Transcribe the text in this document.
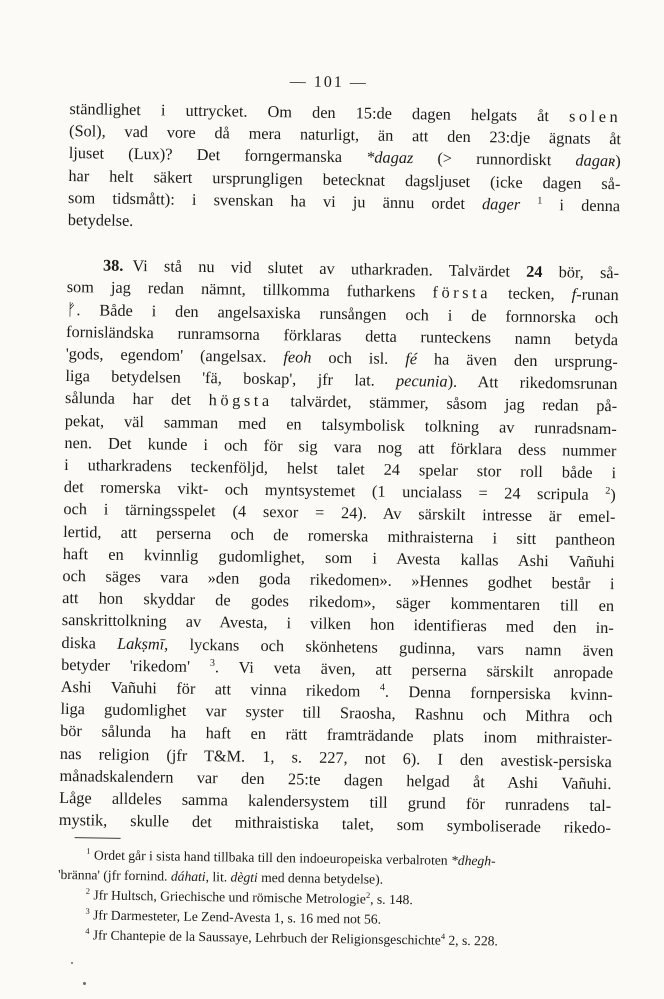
— 101 —
ständlighet i uttrycket. Om den 15:de dagen helgats åt solen
(Sol), vad vore då mera naturligt, än att den 23:dje ägnats åt
ljuset (Lux)? Det forngermanska *dagaz (> runnordiskt dagaʀ)
har helt säkert ursprungligen betecknat dagsljuset (icke dagen så-
som tidsmått): i svenskan ha vi ju ännu ordet dager $^1$ i denna
betydelse.
38. Vi stå nu vid slutet av utharkraden. Talvärdet 24 bör, så-
som jag redan nämnt, tillkomma futharkens första tecken, f-runan
ᚠ. Både i den angelsaxiska runsången och i de fornnorska och
fornisländska runramsorna förklaras detta runteckens namn betyda
'gods, egendom' (angelsax. feoh och isl. fé ha även den ursprung-
liga betydelsen 'fä, boskap', jfr lat. pecunia). Att rikedomsrunan
sålunda har det högsta talvärdet, stämmer, såsom jag redan på-
pekat, väl samman med en talsymbolisk tolkning av runradsnam-
nen. Det kunde i och för sig vara nog att förklara dess nummer
i utharkradens teckenföljd, helst talet 24 spelar stor roll både i
det romerska vikt- och myntsystemet (1 uncialass = 24 scripula $^2$)
och i tärningsspelet (4 sexor = 24). Av särskilt intresse är emel-
lertid, att perserna och de romerska mithraisterna i sitt pantheon
haft en kvinnlig gudomlighet, som i Avesta kallas Ashi Vañuhi
och säges vara »den goda rikedomen». »Hennes godhet består i
att hon skyddar de godes rikedom», säger kommentaren till en
sanskrittolkning av Avesta, i vilken hon identifieras med den in-
diska Lakṣmī, lyckans och skönhetens gudinna, vars namn även
betyder 'rikedom' $^3$. Vi veta även, att perserna särskilt anropade
Ashi Vañuhi för att vinna rikedom $^4$. Denna fornpersiska kvinn-
liga gudomlighet var syster till Sraosha, Rashnu och Mithra och
bör sålunda ha haft en rätt framträdande plats inom mithraister-
nas religion (jfr T&M. 1, s. 227, not 6). I den avestisk-persiska
månadskalendern var den 25:te dagen helgad åt Ashi Vañuhi.
Låge alldeles samma kalendersystem till grund för runradens tal-
mystik, skulle det mithraistiska talet, som symboliserade rikedo-
$^1$ Ordet går i sista hand tillbaka till den indoeuropeiska verbalroten *dhegh-
'bränna' (jfr fornind. dáhati, lit. dègti med denna betydelse).
$^2$ Jfr Hultsch, Griechische und römische Metrologie$^2$, s. 148.
$^3$ Jfr Darmesteter, Le Zend-Avesta 1, s. 16 med not 56.
$^4$ Jfr Chantepie de la Saussaye, Lehrbuch der Religionsgeschichte$^4$ 2, s. 228.
